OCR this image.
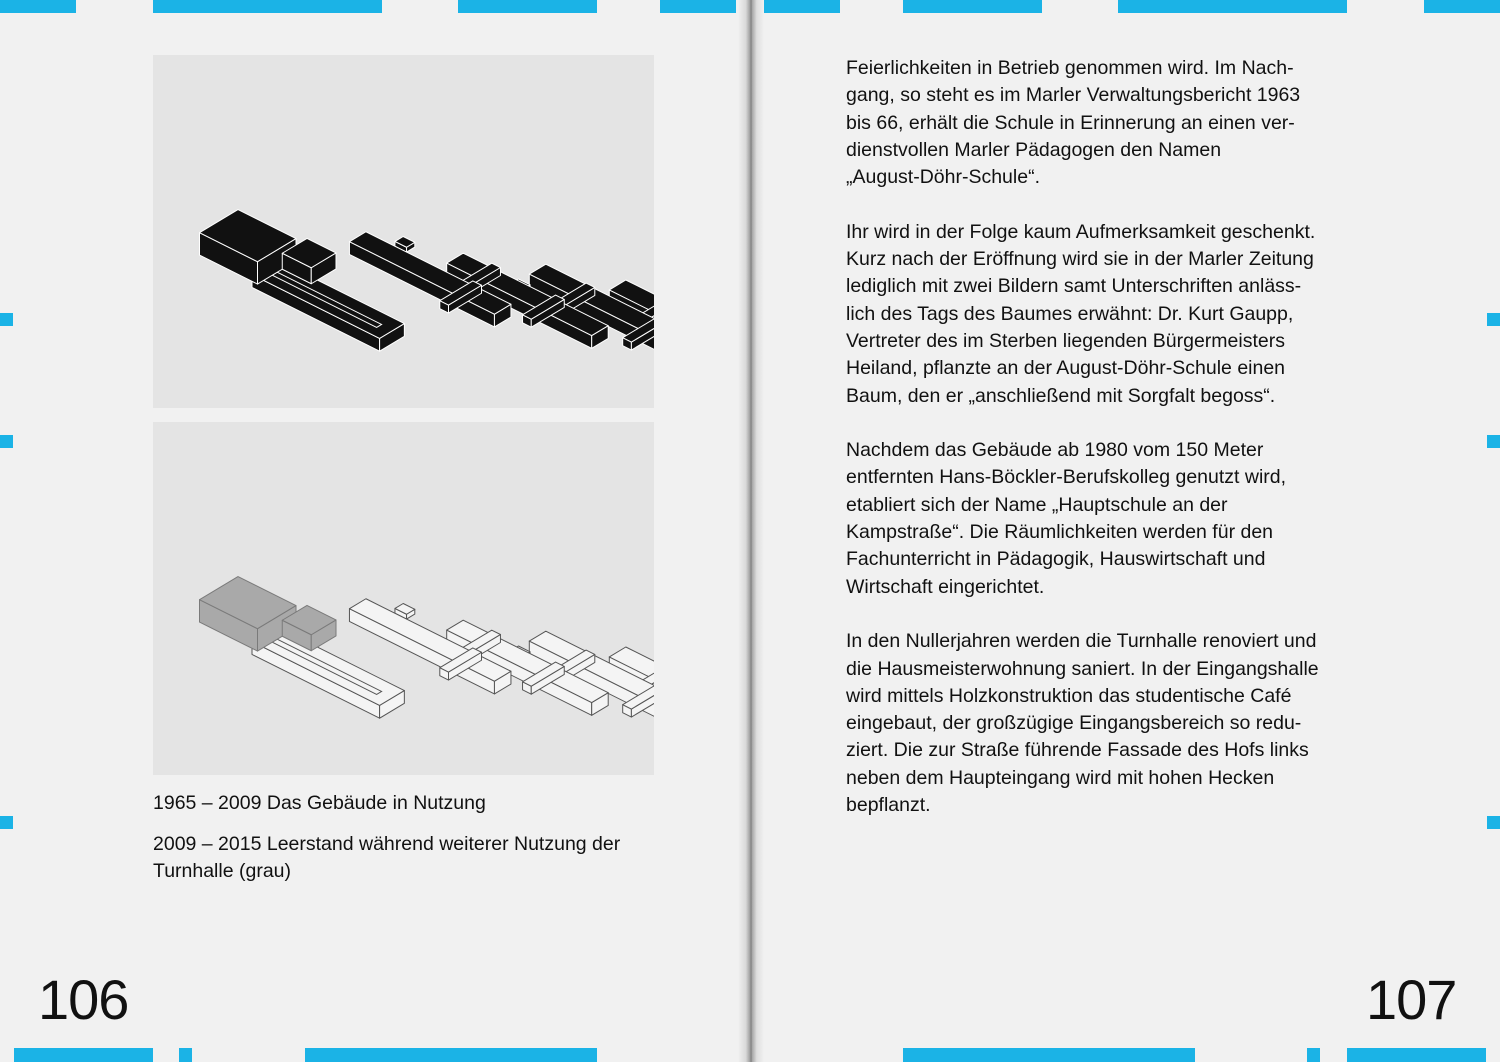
1965 – 2009 Das Gebäude in Nutzung
2009 – 2015 Leerstand während weiterer Nutzung der Turnhalle (grau)
106	107

Feierlichkeiten in Betrieb genommen wird. Im Nach-
gang, so steht es im Marler Verwaltungsbericht 1963
bis 66, erhält die Schule in Erinnerung an einen ver-
dienstvollen Marler Pädagogen den Namen
„August-Döhr-Schule“.

Ihr wird in der Folge kaum Aufmerksamkeit geschenkt.
Kurz nach der Eröffnung wird sie in der Marler Zeitung
lediglich mit zwei Bildern samt Unterschriften anläss-
lich des Tags des Baumes erwähnt: Dr. Kurt Gaupp,
Vertreter des im Sterben liegenden Bürgermeisters
Heiland, pflanzte an der August-Döhr-Schule einen
Baum, den er „anschließend mit Sorgfalt begoss“.

Nachdem das Gebäude ab 1980 vom 150 Meter
entfernten Hans-Böckler-Berufskolleg genutzt wird,
etabliert sich der Name „Hauptschule an der
Kampstraße“. Die Räumlichkeiten werden für den
Fachunterricht in Pädagogik, Hauswirtschaft und
Wirtschaft eingerichtet.

In den Nullerjahren werden die Turnhalle renoviert und
die Hausmeisterwohnung saniert. In der Eingangshalle
wird mittels Holzkonstruktion das studentische Café
eingebaut, der großzügige Eingangsbereich so redu-
ziert. Die zur Straße führende Fassade des Hofs links
neben dem Haupteingang wird mit hohen Hecken
bepflanzt.
